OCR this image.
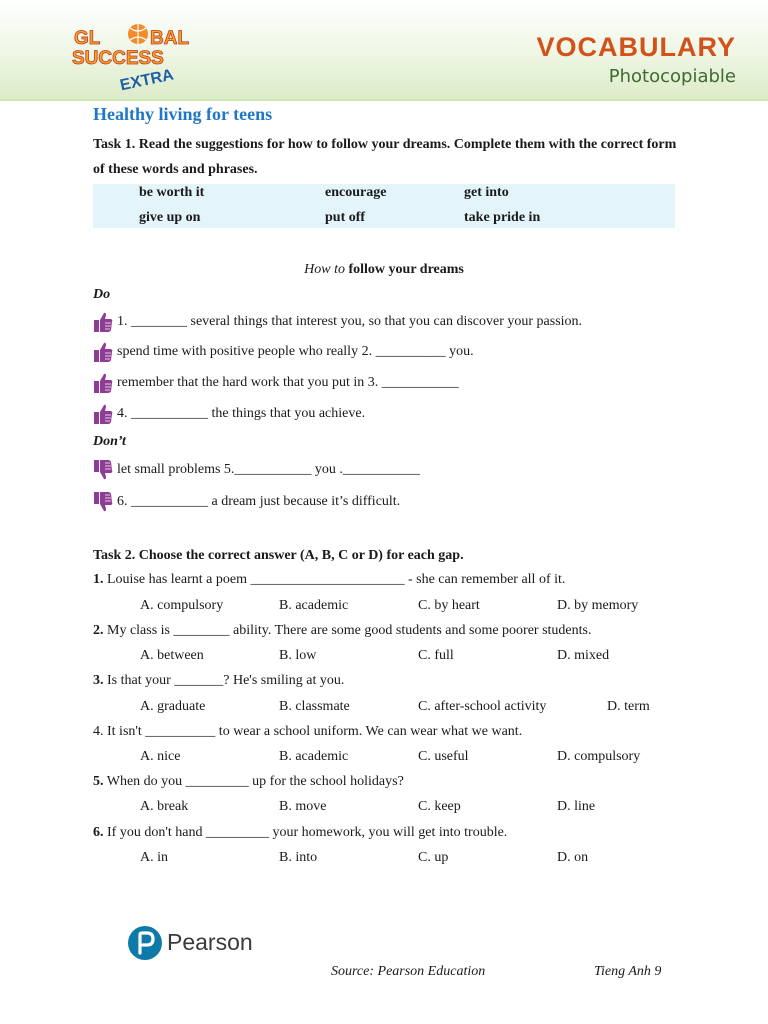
GL	BAL
SUCCESS
EXTRA
VOCABULARY
Photocopiable
Healthy living for teens
Task 1. Read the suggestions for how to follow your dreams. Complete them with the correct form of these words and phrases.
be worth it	encourage	get into
give up on	put off	take pride in
How to follow your dreams
Do
1. ________ several things that interest you, so that you can discover your passion.
spend time with positive people who really 2. __________ you.
remember that the hard work that you put in 3. ___________
4. ___________ the things that you achieve.
Don’t
let small problems 5.___________ you .___________
6. ___________ a dream just because it’s difficult.
Task 2. Choose the correct answer (A, B, C or D) for each gap.
1. Louise has learnt a poem ______________________ - she can remember all of it.
A. compulsory	B. academic	C. by heart	D. by memory
2. My class is ________ ability. There are some good students and some poorer students.
A. between	B. low	C. full	D. mixed
3. Is that your _______? He's smiling at you.
A. graduate	B. classmate	C. after-school activity	D. term
4. It isn't __________ to wear a school uniform. We can wear what we want.
A. nice	B. academic	C. useful	D. compulsory
5. When do you _________ up for the school holidays?
A. break	B. move	C. keep	D. line
6. If you don't hand _________ your homework, you will get into trouble.
A. in	B. into	C. up	D. on
Pearson
Source: Pearson Education	Tieng Anh 9
